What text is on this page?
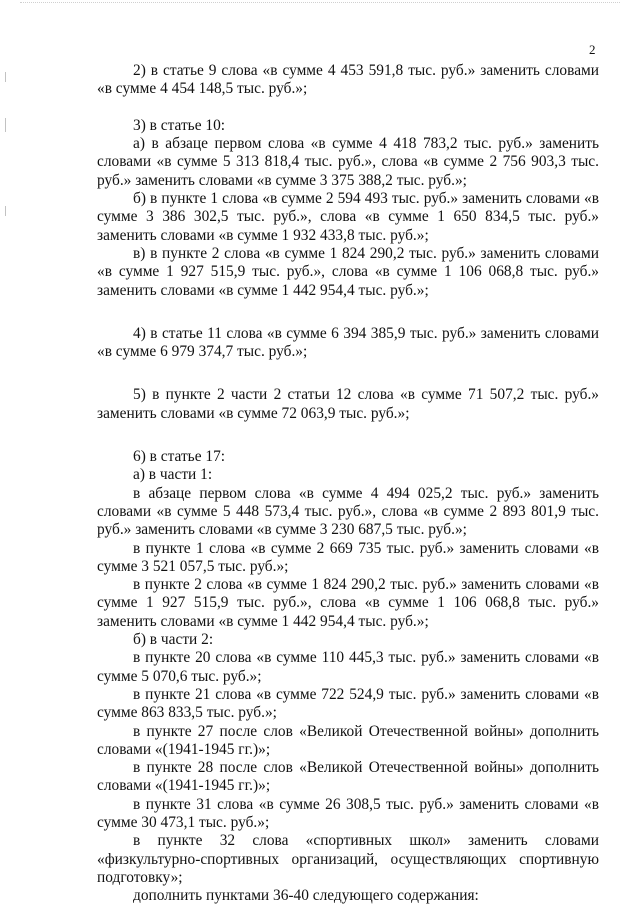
2

2) в статье 9 слова «в сумме 4 453 591,8 тыс. руб.» заменить словами «в сумме 4 454 148,5 тыс. руб.»;

3) в статье 10:

а) в абзаце первом слова «в сумме 4 418 783,2 тыс. руб.» заменить словами «в сумме 5 313 818,4 тыс. руб.», слова «в сумме 2 756 903,3 тыс. руб.» заменить словами «в сумме 3 375 388,2 тыс. руб.»;

б) в пункте 1 слова «в сумме 2 594 493 тыс. руб.» заменить словами «в сумме 3 386 302,5 тыс. руб.», слова «в сумме 1 650 834,5 тыс. руб.» заменить словами «в сумме 1 932 433,8 тыс. руб.»;

в) в пункте 2 слова «в сумме 1 824 290,2 тыс. руб.» заменить словами «в сумме 1 927 515,9 тыс. руб.», слова «в сумме 1 106 068,8 тыс. руб.» заменить словами «в сумме 1 442 954,4 тыс. руб.»;

4) в статье 11 слова «в сумме 6 394 385,9 тыс. руб.» заменить словами «в сумме 6 979 374,7 тыс. руб.»;

5) в пункте 2 части 2 статьи 12 слова «в сумме 71 507,2 тыс. руб.» заменить словами «в сумме 72 063,9 тыс. руб.»;

6) в статье 17:

а) в части 1:

в абзаце первом слова «в сумме 4 494 025,2 тыс. руб.» заменить словами «в сумме 5 448 573,4 тыс. руб.», слова «в сумме 2 893 801,9 тыс. руб.» заменить словами «в сумме 3 230 687,5 тыс. руб.»;

в пункте 1 слова «в сумме 2 669 735 тыс. руб.» заменить словами «в сумме 3 521 057,5 тыс. руб.»;

в пункте 2 слова «в сумме 1 824 290,2 тыс. руб.» заменить словами «в сумме 1 927 515,9 тыс. руб.», слова «в сумме 1 106 068,8 тыс. руб.» заменить словами «в сумме 1 442 954,4 тыс. руб.»;

б) в части 2:

в пункте 20 слова «в сумме 110 445,3 тыс. руб.» заменить словами «в сумме 5 070,6 тыс. руб.»;

в пункте 21 слова «в сумме 722 524,9 тыс. руб.» заменить словами «в сумме 863 833,5 тыс. руб.»;

в пункте 27 после слов «Великой Отечественной войны» дополнить словами «(1941-1945 гг.)»;

в пункте 28 после слов «Великой Отечественной войны» дополнить словами «(1941-1945 гг.)»;

в пункте 31 слова «в сумме 26 308,5 тыс. руб.» заменить словами «в сумме 30 473,1 тыс. руб.»;

в пункте 32 слова «спортивных школ» заменить словами «физкультурно-спортивных организаций, осуществляющих спортивную подготовку»;

дополнить пунктами 36-40 следующего содержания:
